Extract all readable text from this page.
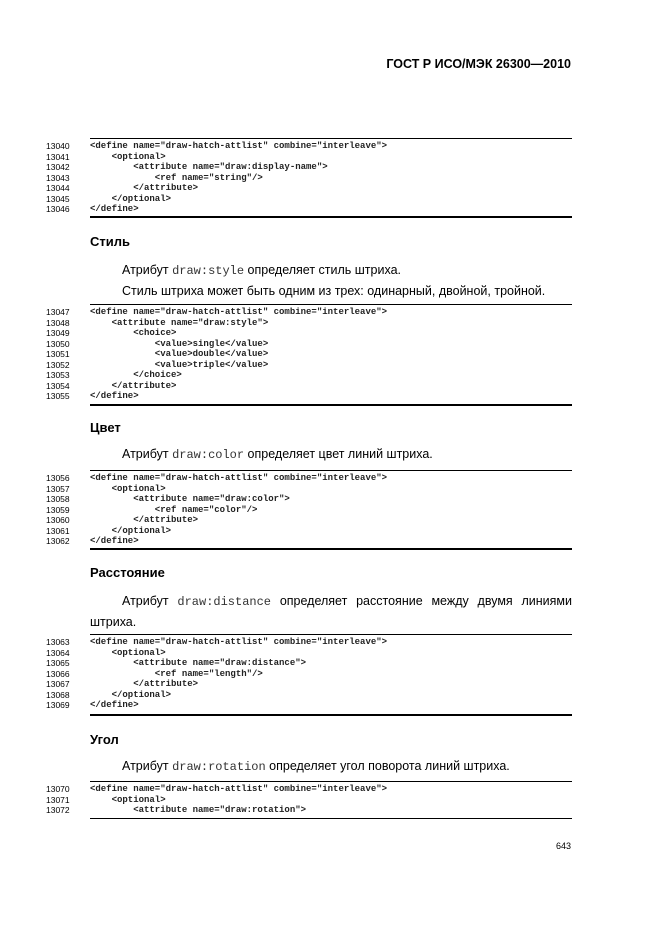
ГОСТ Р ИСО/МЭК 26300—2010
13040	<define name="draw-hatch-attlist" combine="interleave">
13041	<optional>
13042	<attribute name="draw:display-name">
13043	<ref name="string"/>
13044	</attribute>
13045	</optional>
13046	</define>
Стиль
Атрибут draw:style определяет стиль штриха.
Стиль штриха может быть одним из трех: одинарный, двойной, тройной.
13047	<define name="draw-hatch-attlist" combine="interleave">
13048	<attribute name="draw:style">
13049	<choice>
13050	<value>single</value>
13051	<value>double</value>
13052	<value>triple</value>
13053	</choice>
13054	</attribute>
13055	</define>
Цвет
Атрибут draw:color определяет цвет линий штриха.
13056	<define name="draw-hatch-attlist" combine="interleave">
13057	<optional>
13058	<attribute name="draw:color">
13059	<ref name="color"/>
13060	</attribute>
13061	</optional>
13062	</define>
Расстояние
Атрибут draw:distance определяет расстояние между двумя линиями
штриха.
13063	<define name="draw-hatch-attlist" combine="interleave">
13064	<optional>
13065	<attribute name="draw:distance">
13066	<ref name="length"/>
13067	</attribute>
13068	</optional>
13069	</define>
Угол
Атрибут draw:rotation определяет угол поворота линий штриха.
13070	<define name="draw-hatch-attlist" combine="interleave">
13071	<optional>
13072	<attribute name="draw:rotation">
643
